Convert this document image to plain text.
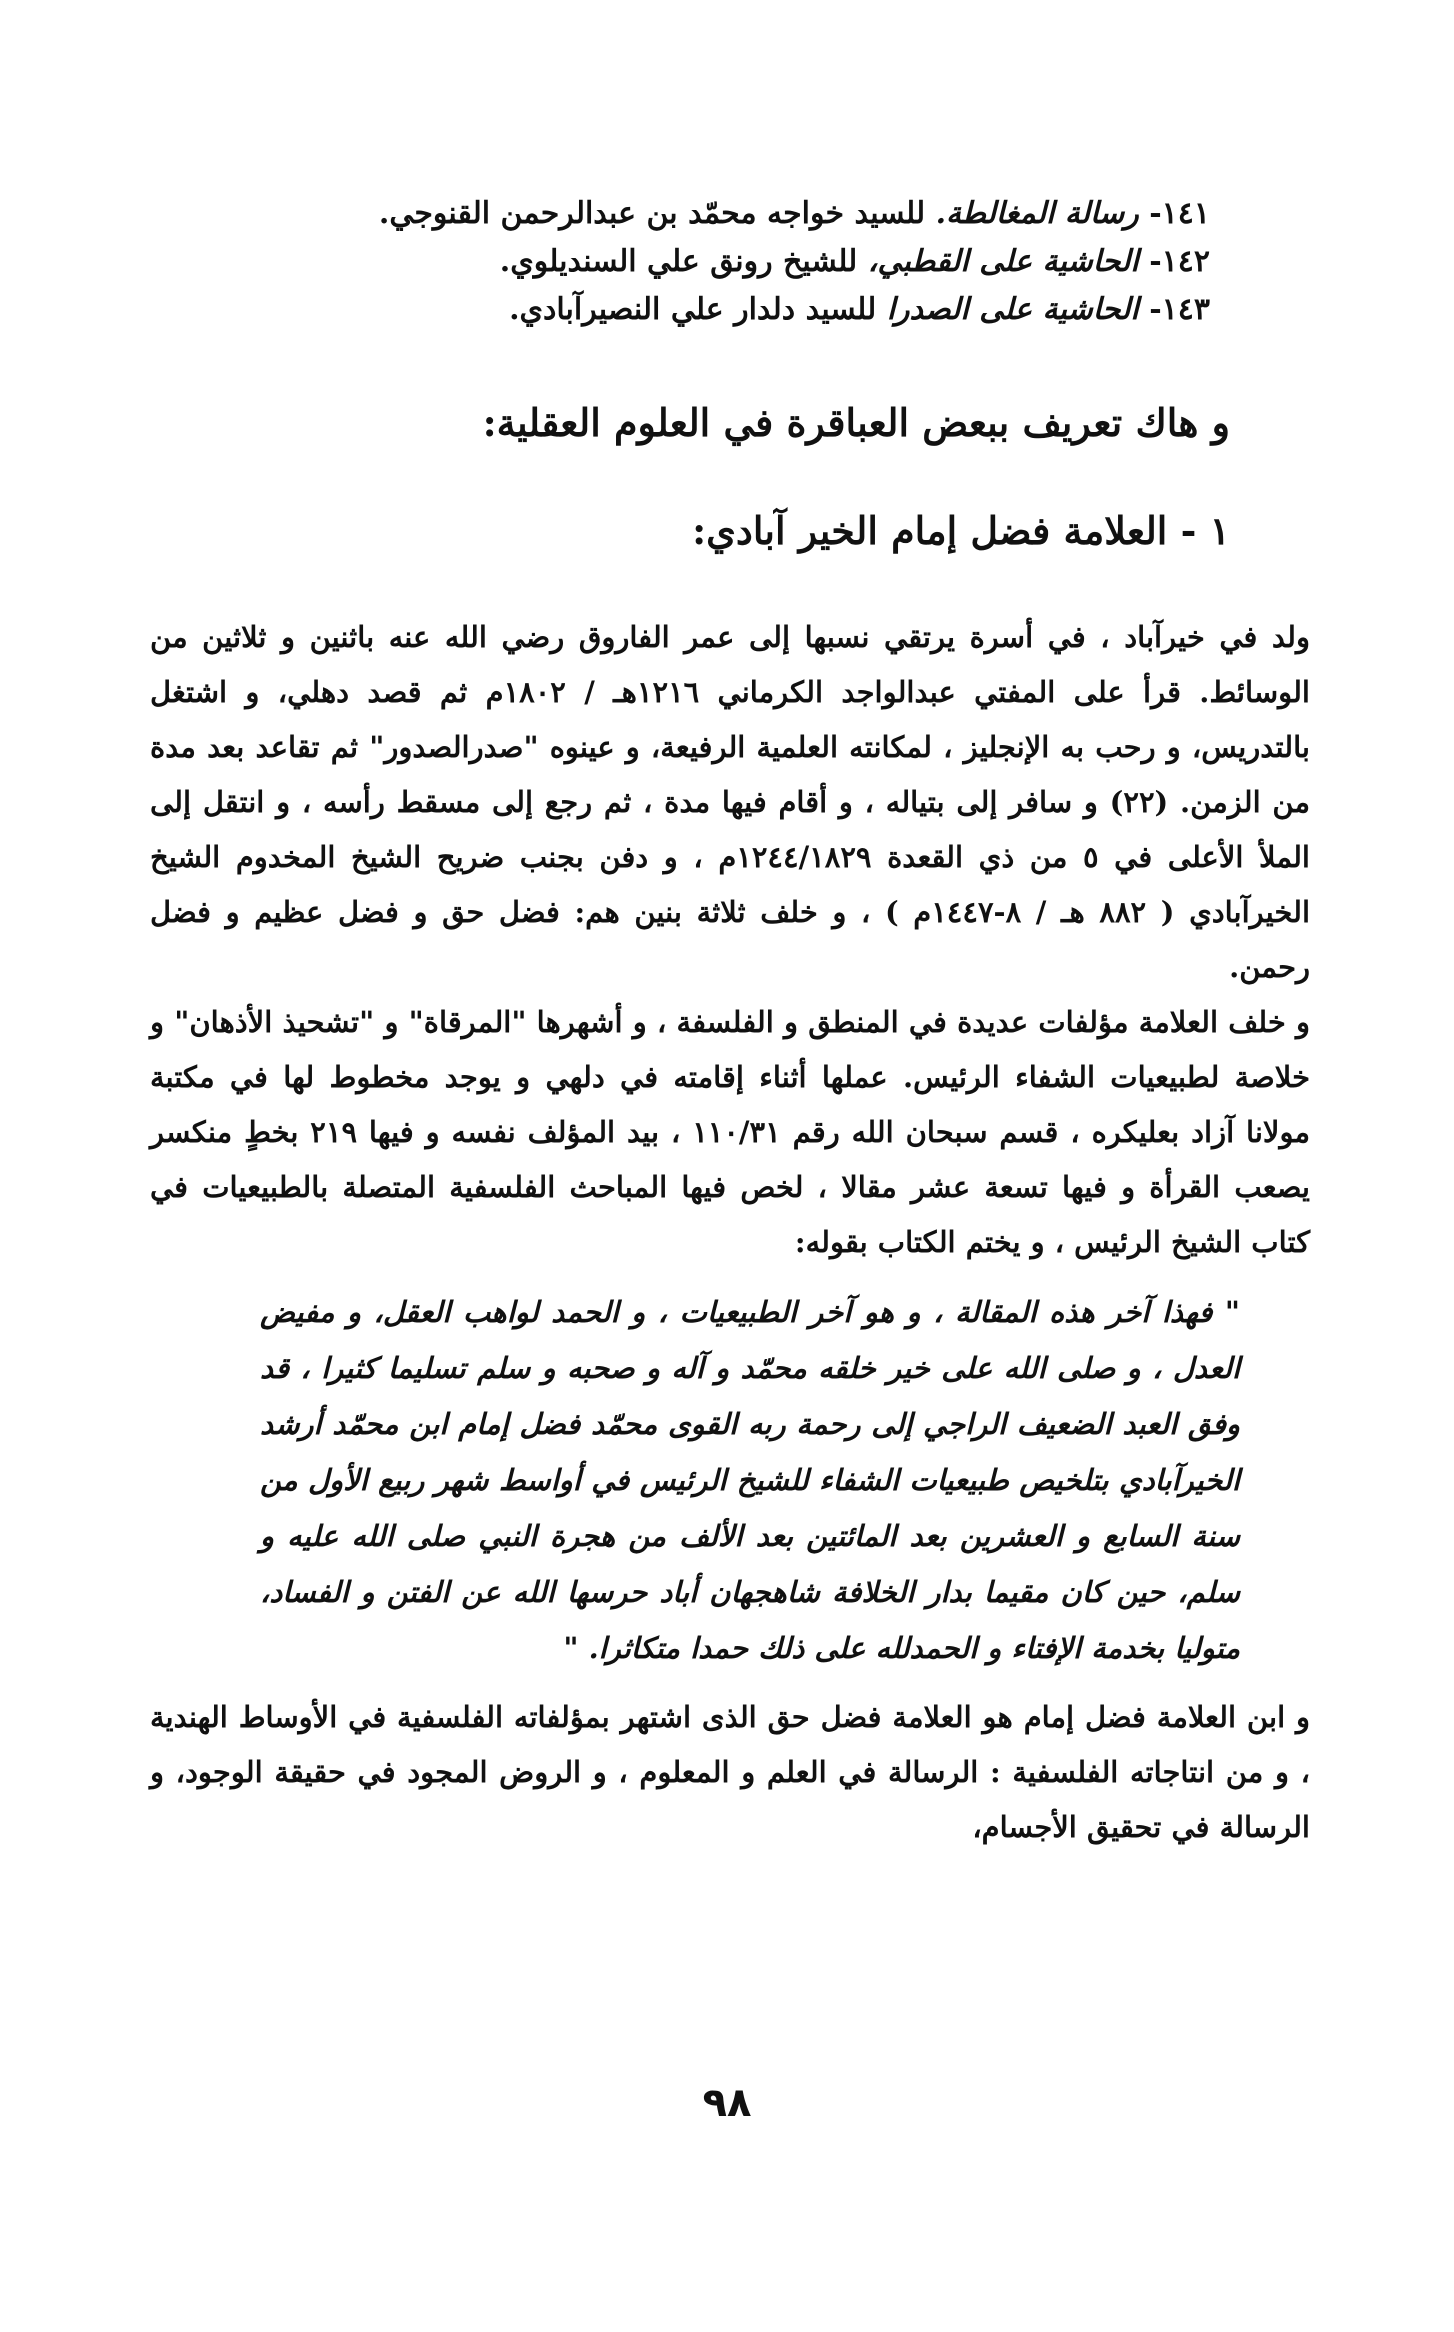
١٤١- رسالة المغالطة. للسيد خواجه محمّد بن عبدالرحمن القنوجي.
١٤٢- الحاشية على القطبي، للشيخ رونق علي السنديلوي.
١٤٣- الحاشية على الصدرا للسيد دلدار علي النصيرآبادي.
و هاك تعريف ببعض العباقرة في العلوم العقلية:
١ - العلامة فضل إمام الخير آبادي:

ولد في خيرآباد ، في أسرة يرتقي نسبها إلى عمر الفاروق رضي الله عنه باثنين و ثلاثين من الوسائط. قرأ على المفتي عبدالواجد الكرماني ١٢١٦هـ / ١٨٠٢م ثم قصد دهلي، و اشتغل بالتدريس، و رحب به الإنجليز ، لمكانته العلمية الرفيعة، و عينوه "صدرالصدور" ثم تقاعد بعد مدة من الزمن. (٢٢) و سافر إلى بتياله ، و أقام فيها مدة ، ثم رجع إلى مسقط رأسه ، و انتقل إلى الملأ الأعلى في ٥ من ذي القعدة ١٢٤٤/١٨٢٩م ، و دفن بجنب ضريح الشيخ المخدوم الشيخ الخيرآبادي ( ٨٨٢ هـ / ٨-١٤٤٧م ) ، و خلف ثلاثة بنين هم: فضل حق و فضل عظيم و فضل رحمن.

و خلف العلامة مؤلفات عديدة في المنطق و الفلسفة ، و أشهرها "المرقاة" و "تشحيذ الأذهان" و خلاصة لطبيعيات الشفاء الرئيس. عملها أثناء إقامته في دلهي و يوجد مخطوط لها في مكتبة مولانا آزاد بعليكره ، قسم سبحان الله رقم ١١٠/٣١ ، بيد المؤلف نفسه و فيها ٢١٩ بخطٍ منكسر يصعب القرأة و فيها تسعة عشر مقالا ، لخص فيها المباحث الفلسفية المتصلة بالطبيعيات في كتاب الشيخ الرئيس ، و يختم الكتاب بقوله:

" فهذا آخر هذه المقالة ، و هو آخر الطبيعيات ، و الحمد لواهب العقل، و مفيض العدل ، و صلى الله على خير خلقه محمّد و آله و صحبه و سلم تسليما كثيرا ، قد وفق العبد الضعيف الراجي إلى رحمة ربه القوى محمّد فضل إمام ابن محمّد أرشد الخيرآبادي بتلخيص طبيعيات الشفاء للشيخ الرئيس في أواسط شهر ربيع الأول من سنة السابع و العشرين بعد المائتين بعد الألف من هجرة النبي صلى الله عليه و سلم، حين كان مقيما بدار الخلافة شاهجهان أباد حرسها الله عن الفتن و الفساد، متوليا بخدمة الإفتاء و الحمدلله على ذلك حمدا متكاثرا. "

و ابن العلامة فضل إمام هو العلامة فضل حق الذى اشتهر بمؤلفاته الفلسفية في الأوساط الهندية ، و من انتاجاته الفلسفية : الرسالة في العلم و المعلوم ، و الروض المجود في حقيقة الوجود، و الرسالة في تحقيق الأجسام،

٩٨
